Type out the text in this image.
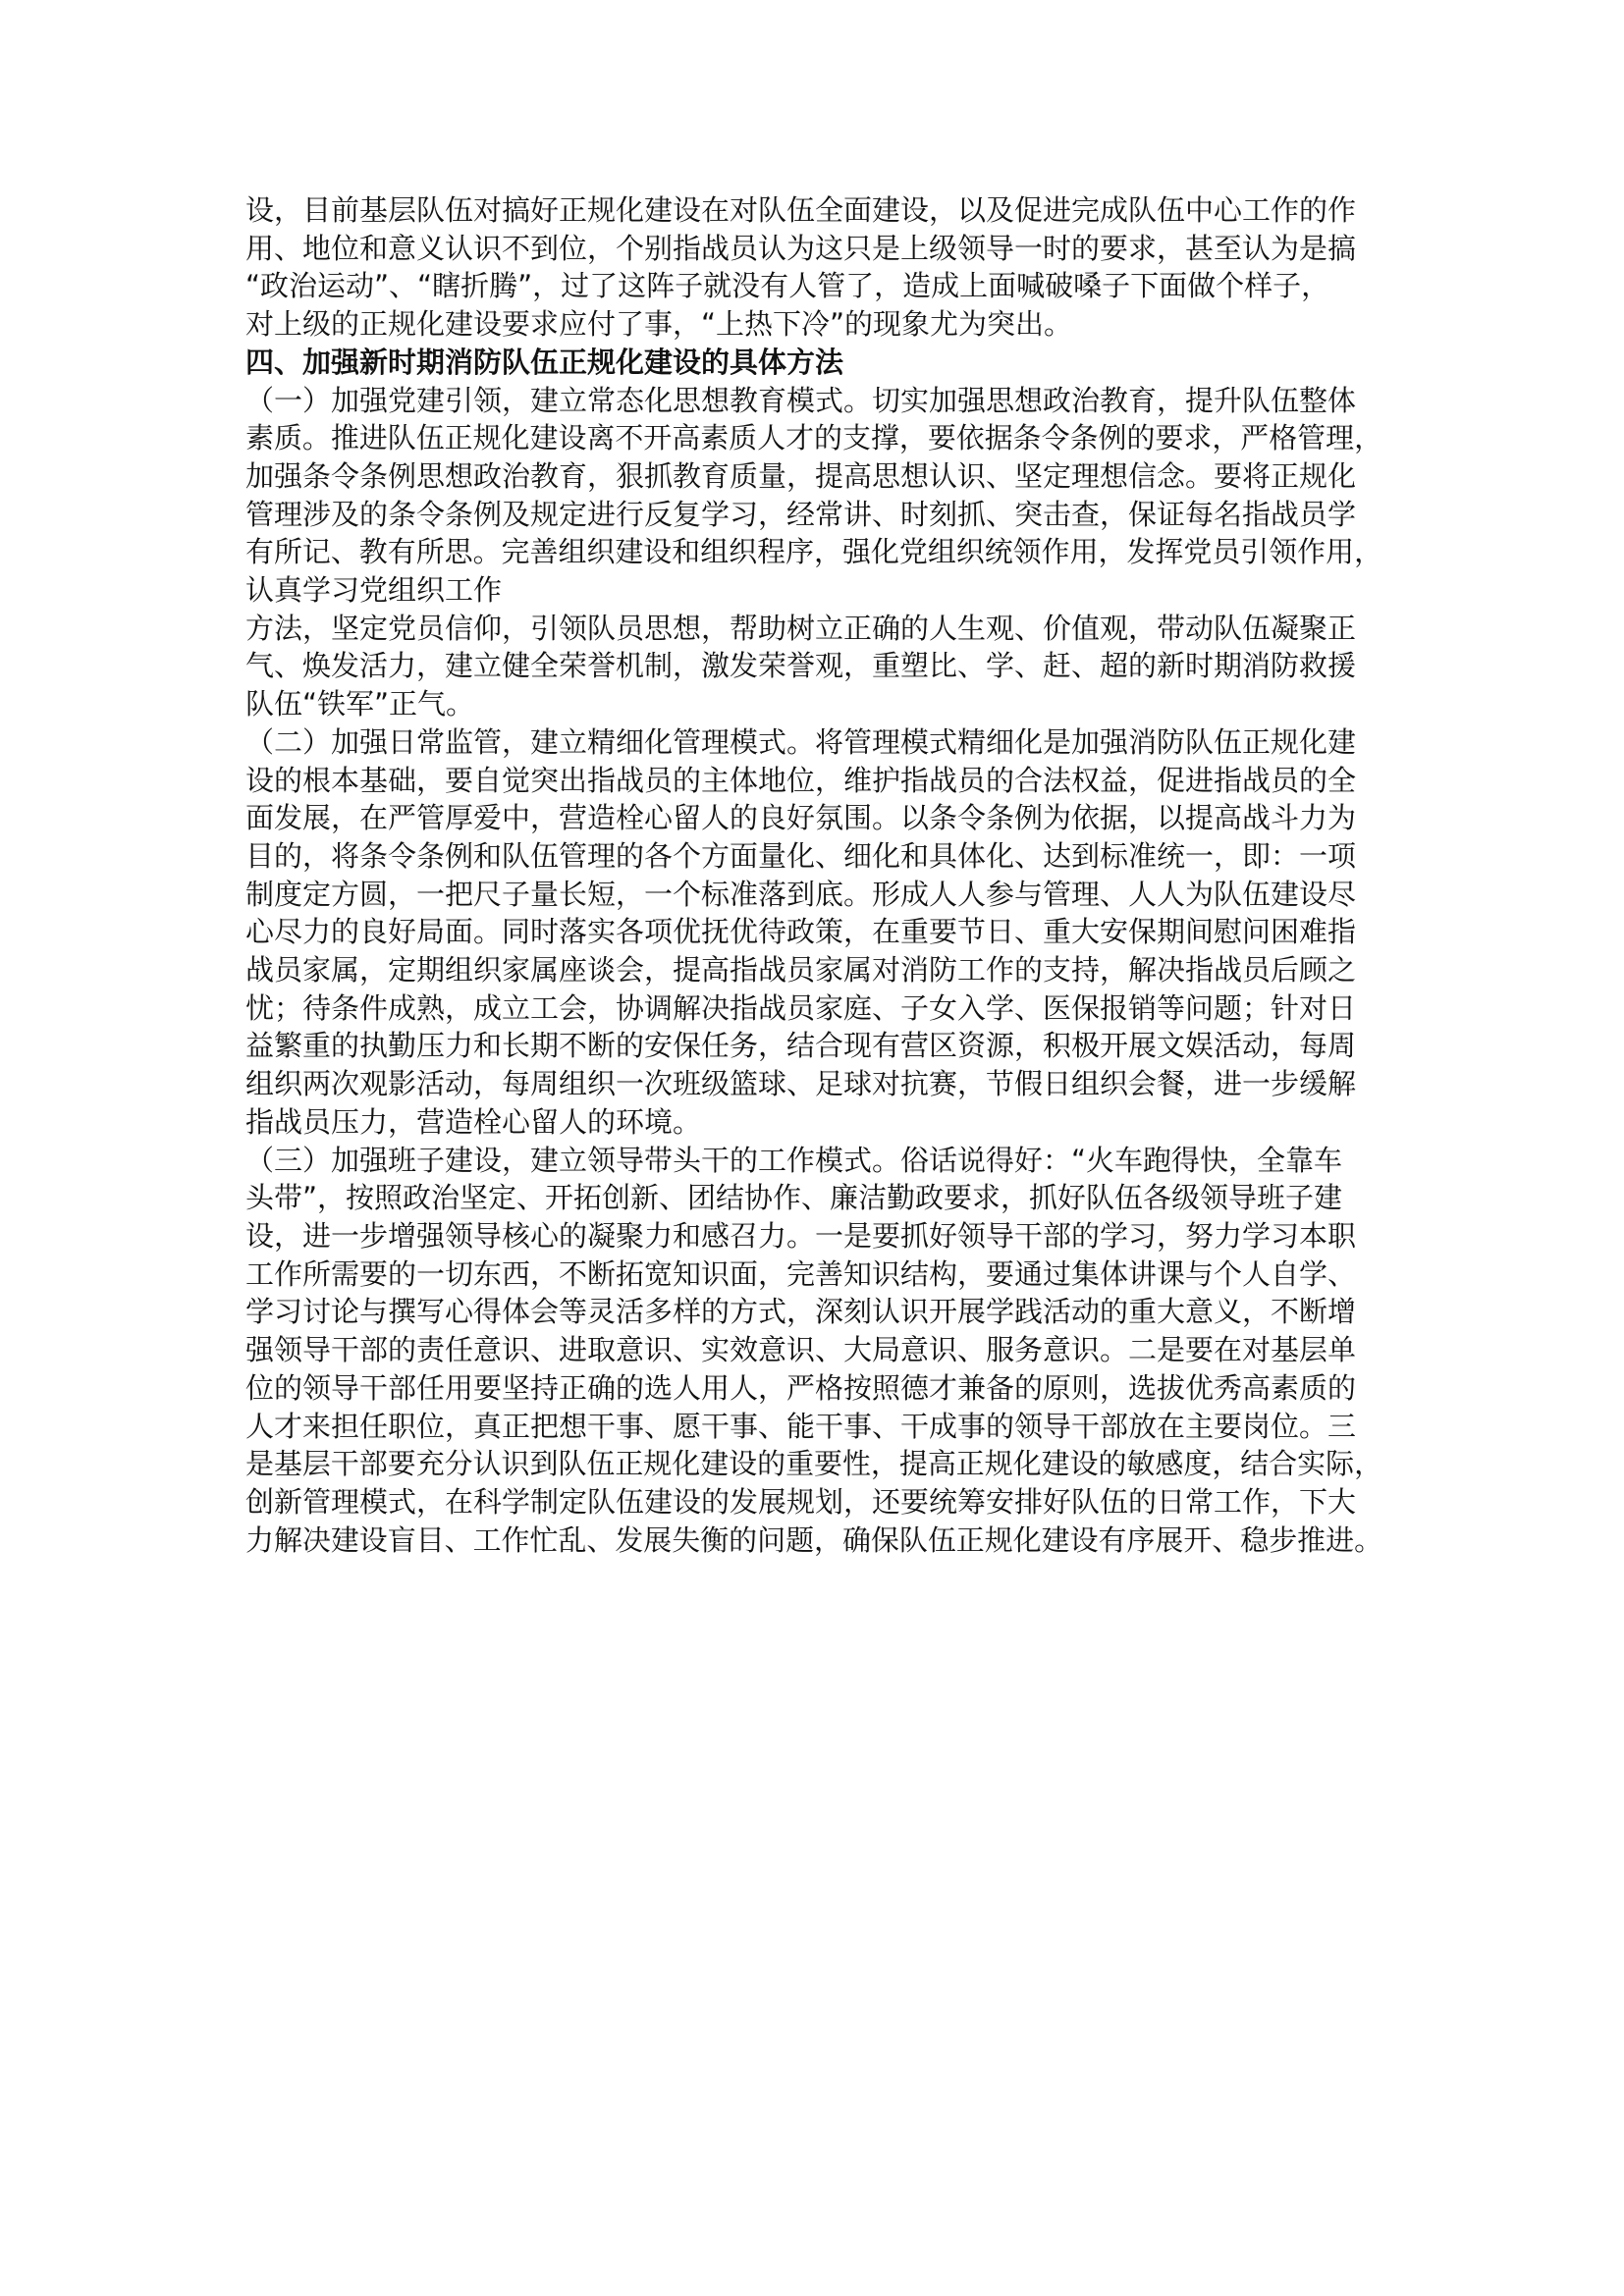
设，目前基层队伍对搞好正规化建设在对队伍全面建设，以及促进完成队伍中心工作的作
用、地位和意义认识不到位，个别指战员认为这只是上级领导一时的要求，甚至认为是搞
“政治运动”、“瞎折腾”，过了这阵子就没有人管了，造成上面喊破嗓子下面做个样子，
对上级的正规化建设要求应付了事，“上热下冷”的现象尤为突出。
四、加强新时期消防队伍正规化建设的具体方法
（一）加强党建引领，建立常态化思想教育模式。切实加强思想政治教育，提升队伍整体
素质。推进队伍正规化建设离不开高素质人才的支撑，要依据条令条例的要求，严格管理，
加强条令条例思想政治教育，狠抓教育质量，提高思想认识、坚定理想信念。要将正规化
管理涉及的条令条例及规定进行反复学习，经常讲、时刻抓、突击查，保证每名指战员学
有所记、教有所思。完善组织建设和组织程序，强化党组织统领作用，发挥党员引领作用，
认真学习党组织工作
方法，坚定党员信仰，引领队员思想，帮助树立正确的人生观、价值观，带动队伍凝聚正
气、焕发活力，建立健全荣誉机制，激发荣誉观，重塑比、学、赶、超的新时期消防救援
队伍“铁军”正气。
（二）加强日常监管，建立精细化管理模式。将管理模式精细化是加强消防队伍正规化建
设的根本基础，要自觉突出指战员的主体地位，维护指战员的合法权益，促进指战员的全
面发展，在严管厚爱中，营造栓心留人的良好氛围。以条令条例为依据，以提高战斗力为
目的，将条令条例和队伍管理的各个方面量化、细化和具体化、达到标准统一，即：一项
制度定方圆，一把尺子量长短，一个标准落到底。形成人人参与管理、人人为队伍建设尽
心尽力的良好局面。同时落实各项优抚优待政策，在重要节日、重大安保期间慰问困难指
战员家属，定期组织家属座谈会，提高指战员家属对消防工作的支持，解决指战员后顾之
忧；待条件成熟，成立工会，协调解决指战员家庭、子女入学、医保报销等问题；针对日
益繁重的执勤压力和长期不断的安保任务，结合现有营区资源，积极开展文娱活动，每周
组织两次观影活动，每周组织一次班级篮球、足球对抗赛，节假日组织会餐，进一步缓解
指战员压力，营造栓心留人的环境。
（三）加强班子建设，建立领导带头干的工作模式。俗话说得好：“火车跑得快，全靠车
头带”，按照政治坚定、开拓创新、团结协作、廉洁勤政要求，抓好队伍各级领导班子建
设，进一步增强领导核心的凝聚力和感召力。一是要抓好领导干部的学习，努力学习本职
工作所需要的一切东西，不断拓宽知识面，完善知识结构，要通过集体讲课与个人自学、
学习讨论与撰写心得体会等灵活多样的方式，深刻认识开展学践活动的重大意义，不断增
强领导干部的责任意识、进取意识、实效意识、大局意识、服务意识。二是要在对基层单
位的领导干部任用要坚持正确的选人用人，严格按照德才兼备的原则，选拔优秀高素质的
人才来担任职位，真正把想干事、愿干事、能干事、干成事的领导干部放在主要岗位。三
是基层干部要充分认识到队伍正规化建设的重要性，提高正规化建设的敏感度，结合实际，
创新管理模式，在科学制定队伍建设的发展规划，还要统筹安排好队伍的日常工作，下大
力解决建设盲目、工作忙乱、发展失衡的问题，确保队伍正规化建设有序展开、稳步推进。
